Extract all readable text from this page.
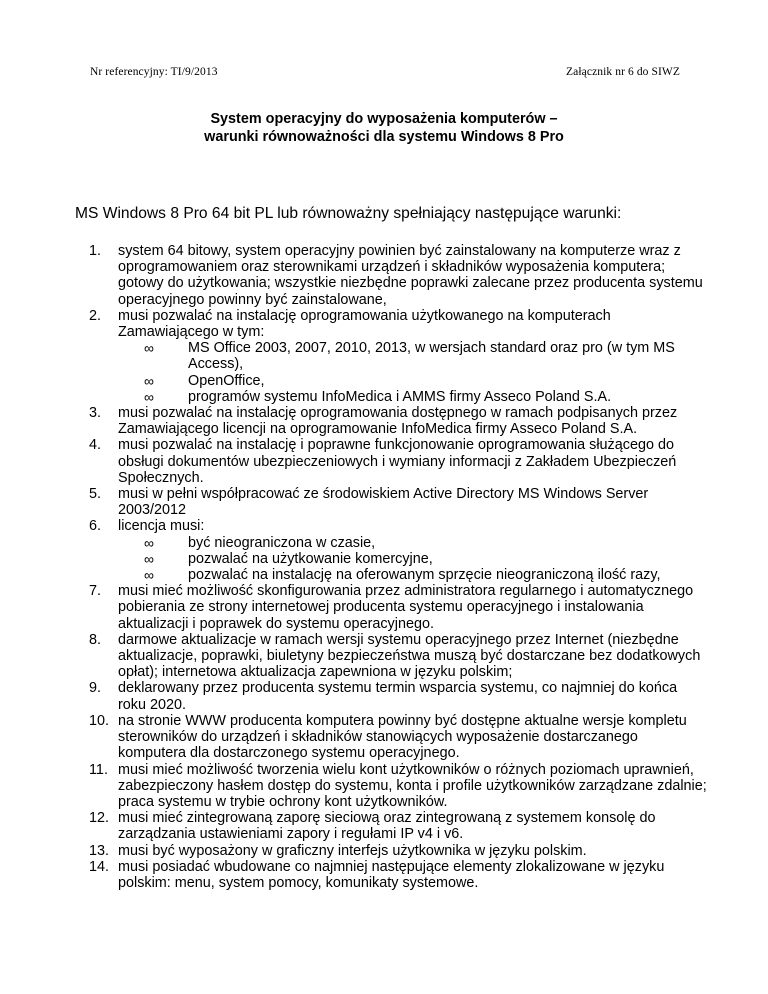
Nr referencyjny: TI/9/2013	Załącznik nr 6 do SIWZ
System operacyjny do wyposażenia komputerów –
warunki równoważności dla systemu Windows 8 Pro
MS Windows 8 Pro 64 bit PL lub równoważny spełniający następujące warunki:
1.	system 64 bitowy, system operacyjny powinien być zainstalowany na komputerze wraz z oprogramowaniem oraz sterownikami urządzeń i składników wyposażenia komputera; gotowy do użytkowania; wszystkie niezbędne poprawki zalecane przez producenta systemu operacyjnego powinny być zainstalowane,
2.	musi pozwalać na instalację oprogramowania użytkowanego na komputerach Zamawiającego w tym:
∞ MS Office 2003, 2007, 2010, 2013, w wersjach standard oraz pro (w tym MS Access),
∞ OpenOffice,
∞ programów systemu InfoMedica i AMMS firmy Asseco Poland S.A.
3.	musi pozwalać na instalację oprogramowania dostępnego w ramach podpisanych przez Zamawiającego licencji na oprogramowanie InfoMedica firmy Asseco Poland S.A.
4.	musi pozwalać na instalację i poprawne funkcjonowanie oprogramowania służącego do obsługi dokumentów ubezpieczeniowych i wymiany informacji z Zakładem Ubezpieczeń Społecznych.
5.	musi w pełni współpracować ze środowiskiem Active Directory MS Windows Server 2003/2012
6.	licencja musi:
∞ być nieograniczona w czasie,
∞ pozwalać na użytkowanie komercyjne,
∞ pozwalać na instalację na oferowanym sprzęcie nieograniczoną ilość razy,
7.	musi mieć możliwość skonfigurowania przez administratora regularnego i automatycznego pobierania ze strony internetowej producenta systemu operacyjnego i instalowania aktualizacji i poprawek do systemu operacyjnego.
8.	darmowe aktualizacje w ramach wersji systemu operacyjnego przez Internet (niezbędne aktualizacje, poprawki, biuletyny bezpieczeństwa muszą być dostarczane bez dodatkowych opłat); internetowa aktualizacja zapewniona w języku polskim;
9.	deklarowany przez producenta systemu termin wsparcia systemu, co najmniej do końca roku 2020.
10. na stronie WWW producenta komputera powinny być dostępne aktualne wersje kompletu sterowników do urządzeń i składników stanowiących wyposażenie dostarczanego komputera dla dostarczonego systemu operacyjnego.
11. musi mieć możliwość tworzenia wielu kont użytkowników o różnych poziomach uprawnień, zabezpieczony hasłem dostęp do systemu, konta i profile użytkowników zarządzane zdalnie; praca systemu w trybie ochrony kont użytkowników.
12. musi mieć zintegrowaną zaporę sieciową oraz zintegrowaną z systemem konsolę do zarządzania ustawieniami zapory i regułami IP v4 i v6.
13. musi być wyposażony w graficzny interfejs użytkownika w języku polskim.
14. musi posiadać wbudowane co najmniej następujące elementy zlokalizowane w języku polskim: menu, system pomocy, komunikaty systemowe.
